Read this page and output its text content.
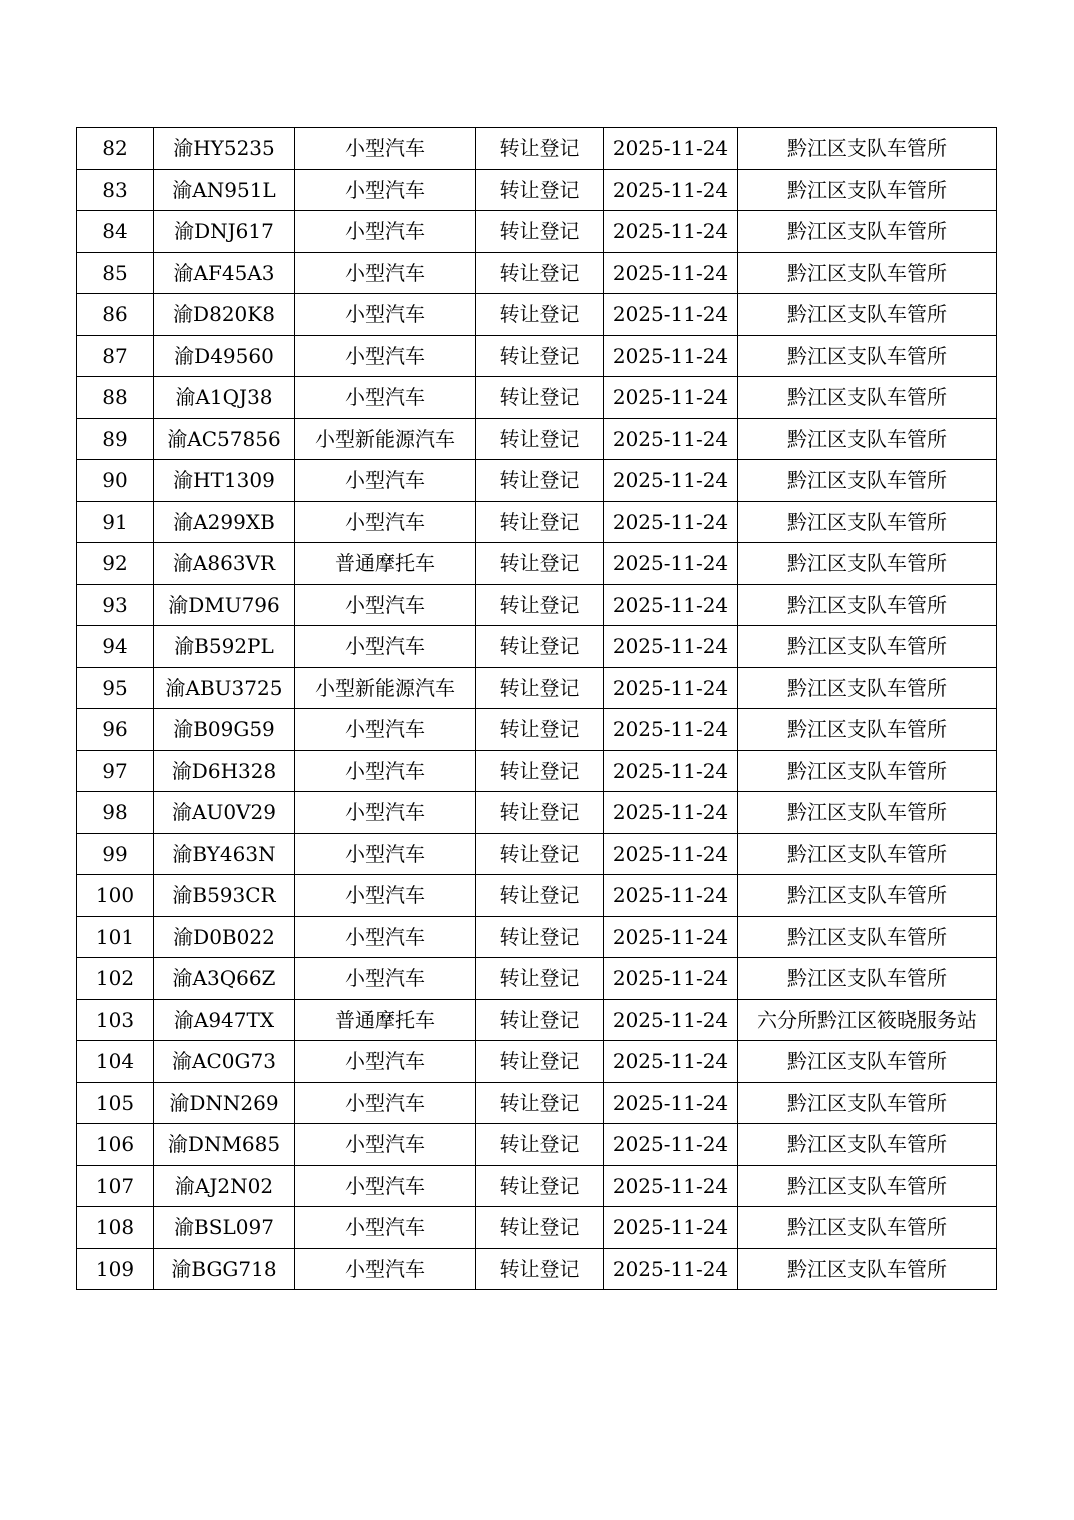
82	渝HY5235	小型汽车	转让登记	2025-11-24	黔江区支队车管所
83	渝AN951L	小型汽车	转让登记	2025-11-24	黔江区支队车管所
84	渝DNJ617	小型汽车	转让登记	2025-11-24	黔江区支队车管所
85	渝AF45A3	小型汽车	转让登记	2025-11-24	黔江区支队车管所
86	渝D820K8	小型汽车	转让登记	2025-11-24	黔江区支队车管所
87	渝D49560	小型汽车	转让登记	2025-11-24	黔江区支队车管所
88	渝A1QJ38	小型汽车	转让登记	2025-11-24	黔江区支队车管所
89	渝AC57856	小型新能源汽车	转让登记	2025-11-24	黔江区支队车管所
90	渝HT1309	小型汽车	转让登记	2025-11-24	黔江区支队车管所
91	渝A299XB	小型汽车	转让登记	2025-11-24	黔江区支队车管所
92	渝A863VR	普通摩托车	转让登记	2025-11-24	黔江区支队车管所
93	渝DMU796	小型汽车	转让登记	2025-11-24	黔江区支队车管所
94	渝B592PL	小型汽车	转让登记	2025-11-24	黔江区支队车管所
95	渝ABU3725	小型新能源汽车	转让登记	2025-11-24	黔江区支队车管所
96	渝B09G59	小型汽车	转让登记	2025-11-24	黔江区支队车管所
97	渝D6H328	小型汽车	转让登记	2025-11-24	黔江区支队车管所
98	渝AU0V29	小型汽车	转让登记	2025-11-24	黔江区支队车管所
99	渝BY463N	小型汽车	转让登记	2025-11-24	黔江区支队车管所
100	渝B593CR	小型汽车	转让登记	2025-11-24	黔江区支队车管所
101	渝D0B022	小型汽车	转让登记	2025-11-24	黔江区支队车管所
102	渝A3Q66Z	小型汽车	转让登记	2025-11-24	黔江区支队车管所
103	渝A947TX	普通摩托车	转让登记	2025-11-24	六分所黔江区筱晓服务站
104	渝AC0G73	小型汽车	转让登记	2025-11-24	黔江区支队车管所
105	渝DNN269	小型汽车	转让登记	2025-11-24	黔江区支队车管所
106	渝DNM685	小型汽车	转让登记	2025-11-24	黔江区支队车管所
107	渝AJ2N02	小型汽车	转让登记	2025-11-24	黔江区支队车管所
108	渝BSL097	小型汽车	转让登记	2025-11-24	黔江区支队车管所
109	渝BGG718	小型汽车	转让登记	2025-11-24	黔江区支队车管所
